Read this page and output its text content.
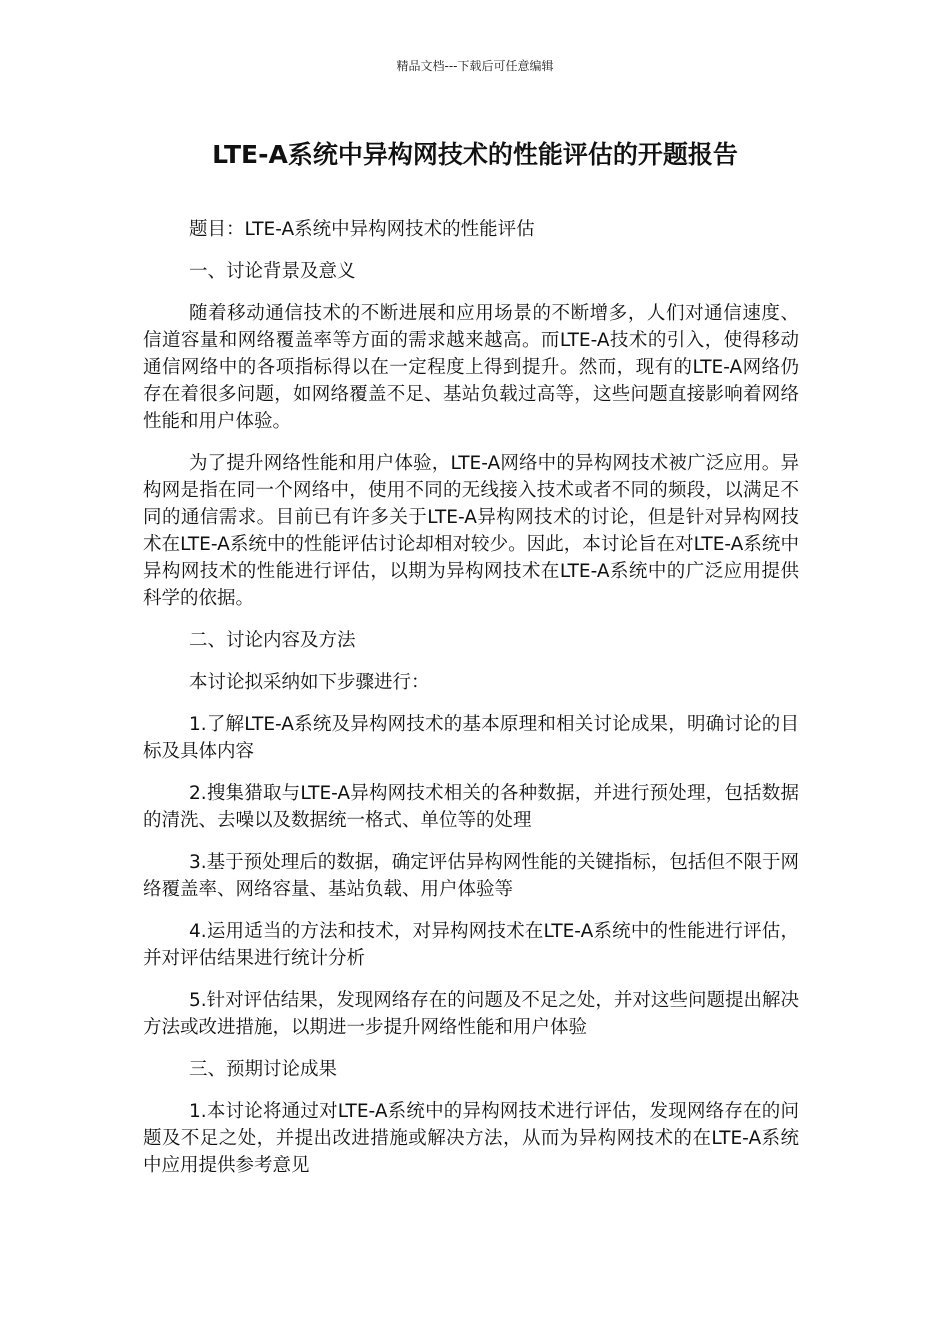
精品文档---下载后可任意编辑
LTE-A系统中异构网技术的性能评估的开题报告

题目：LTE-A系统中异构网技术的性能评估

一、讨论背景及意义

随着移动通信技术的不断进展和应用场景的不断增多，人们对通信速度、信道容量和网络覆盖率等方面的需求越来越高。而LTE-A技术的引入，使得移动通信网络中的各项指标得以在一定程度上得到提升。然而，现有的LTE-A网络仍存在着很多问题，如网络覆盖不足、基站负载过高等，这些问题直接影响着网络性能和用户体验。

为了提升网络性能和用户体验，LTE-A网络中的异构网技术被广泛应用。异构网是指在同一个网络中，使用不同的无线接入技术或者不同的频段，以满足不同的通信需求。目前已有许多关于LTE-A异构网技术的讨论，但是针对异构网技术在LTE-A系统中的性能评估讨论却相对较少。因此，本讨论旨在对LTE-A系统中异构网技术的性能进行评估，以期为异构网技术在LTE-A系统中的广泛应用提供科学的依据。

二、讨论内容及方法

本讨论拟采纳如下步骤进行：

1.了解LTE-A系统及异构网技术的基本原理和相关讨论成果，明确讨论的目标及具体内容

2.搜集猎取与LTE-A异构网技术相关的各种数据，并进行预处理，包括数据的清洗、去噪以及数据统一格式、单位等的处理

3.基于预处理后的数据，确定评估异构网性能的关键指标，包括但不限于网络覆盖率、网络容量、基站负载、用户体验等

4.运用适当的方法和技术，对异构网技术在LTE-A系统中的性能进行评估，并对评估结果进行统计分析

5.针对评估结果，发现网络存在的问题及不足之处，并对这些问题提出解决方法或改进措施，以期进一步提升网络性能和用户体验

三、预期讨论成果

1.本讨论将通过对LTE-A系统中的异构网技术进行评估，发现网络存在的问题及不足之处，并提出改进措施或解决方法，从而为异构网技术的在LTE-A系统中应用提供参考意见
